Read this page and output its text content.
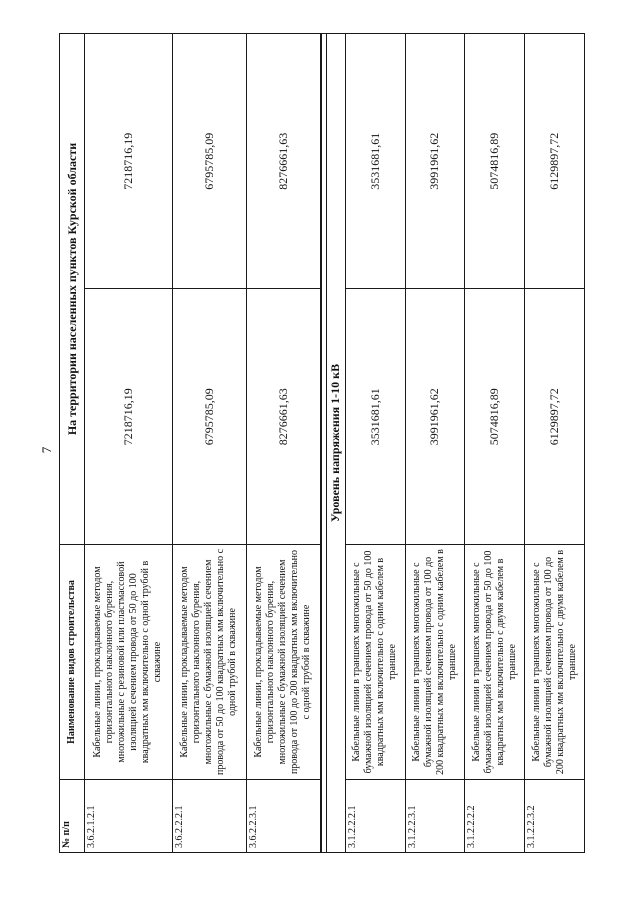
7
№ п/п	Наименование видов строительства	На территории населенных пунктов Курской области	
3.6.2.1.2.1	Кабельные линии, прокладываемые методом горизонтального наклонного бурения, многожильные с резиновой или пластмассовой изоляцией сечением провода от 50 до 100 квадратных мм включительно с одной трубой в скважине	7218716,19	7218716,19
3.6.2.2.2.1	Кабельные линии, прокладываемые методом горизонтального наклонного бурения, многожильные с бумажной изоляцией сечением провода от 50 до 100 квадратных мм включительно с одной трубой в скважине	6795785,09	6795785,09
3.6.2.2.3.1	Кабельные линии, прокладываемые методом горизонтального наклонного бурения, многожильные с бумажной изоляцией сечением провода от 100 до 200 квадратных мм включительно с одной трубой в скважине	8276661,63	8276661,63

Уровень напряжения 1-10 кВ			
3.1.2.2.2.1	Кабельные линии в траншеях многожильные с бумажной изоляцией сечением провода от 50 до 100 квадратных мм включительно с одним кабелем в траншее	3531681,61	3531681,61
3.1.2.2.3.1	Кабельные линии в траншеях многожильные с бумажной изоляцией сечением провода от 100 до 200 квадратных мм включительно с одним кабелем в траншее	3991961,62	3991961,62
3.1.2.2.2.2	Кабельные линии в траншеях многожильные с бумажной изоляцией сечением провода от 50 до 100 квадратных мм включительно с двумя кабелем в траншее	5074816,89	5074816,89
3.1.2.2.3.2	Кабельные линии в траншеях многожильные с бумажной изоляцией сечением провода от 100 до 200 квадратных мм включительно с двумя кабелем в траншее	6129897,72	6129897,72
